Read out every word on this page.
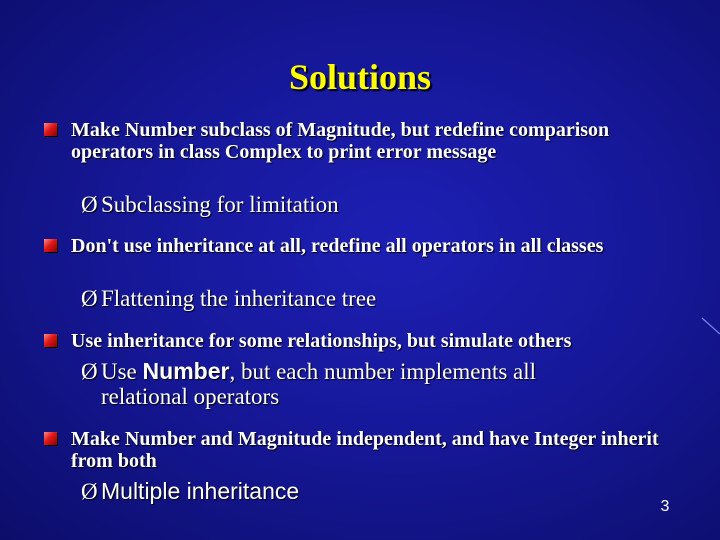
Solutions
Make Number subclass of Magnitude, but redefine comparison operators in class Complex to print error message
Ø Subclassing for limitation
Don't use inheritance at all, redefine all operators in all classes
Ø Flattening the inheritance tree
Use inheritance for some relationships, but simulate others
Ø Use Number, but each number implements all
relational operators
Make Number and Magnitude independent, and have Integer inherit from both
Ø Multiple inheritance
3
